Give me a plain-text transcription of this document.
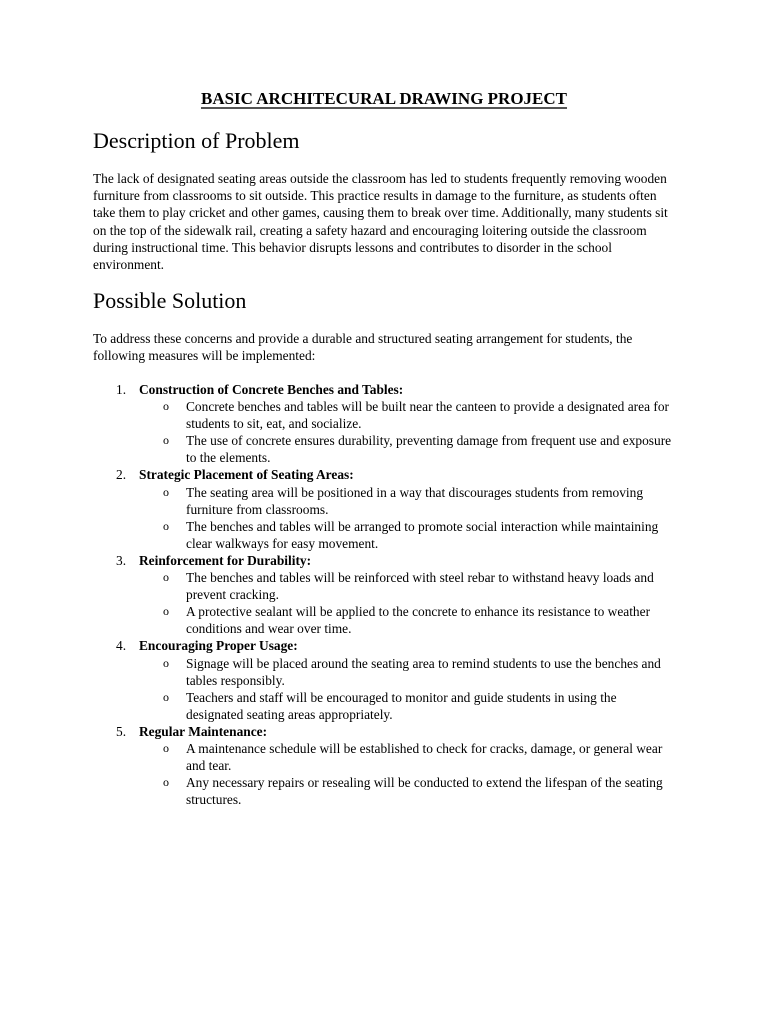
BASIC ARCHITECURAL DRAWING PROJECT
Description of Problem

The lack of designated seating areas outside the classroom has led to students frequently removing wooden furniture from classrooms to sit outside. This practice results in damage to the furniture, as students often take them to play cricket and other games, causing them to break over time. Additionally, many students sit on the top of the sidewalk rail, creating a safety hazard and encouraging loitering outside the classroom during instructional time. This behavior disrupts lessons and contributes to disorder in the school environment.

Possible Solution

To address these concerns and provide a durable and structured seating arrangement for students, the following measures will be implemented:

1. Construction of Concrete Benches and Tables:
o Concrete benches and tables will be built near the canteen to provide a designated area for students to sit, eat, and socialize.
o The use of concrete ensures durability, preventing damage from frequent use and exposure to the elements.
2. Strategic Placement of Seating Areas:
o The seating area will be positioned in a way that discourages students from removing furniture from classrooms.
o The benches and tables will be arranged to promote social interaction while maintaining clear walkways for easy movement.
3. Reinforcement for Durability:
o The benches and tables will be reinforced with steel rebar to withstand heavy loads and prevent cracking.
o A protective sealant will be applied to the concrete to enhance its resistance to weather conditions and wear over time.
4. Encouraging Proper Usage:
o Signage will be placed around the seating area to remind students to use the benches and tables responsibly.
o Teachers and staff will be encouraged to monitor and guide students in using the designated seating areas appropriately.
5. Regular Maintenance:
o A maintenance schedule will be established to check for cracks, damage, or general wear and tear.
o Any necessary repairs or resealing will be conducted to extend the lifespan of the seating structures.
